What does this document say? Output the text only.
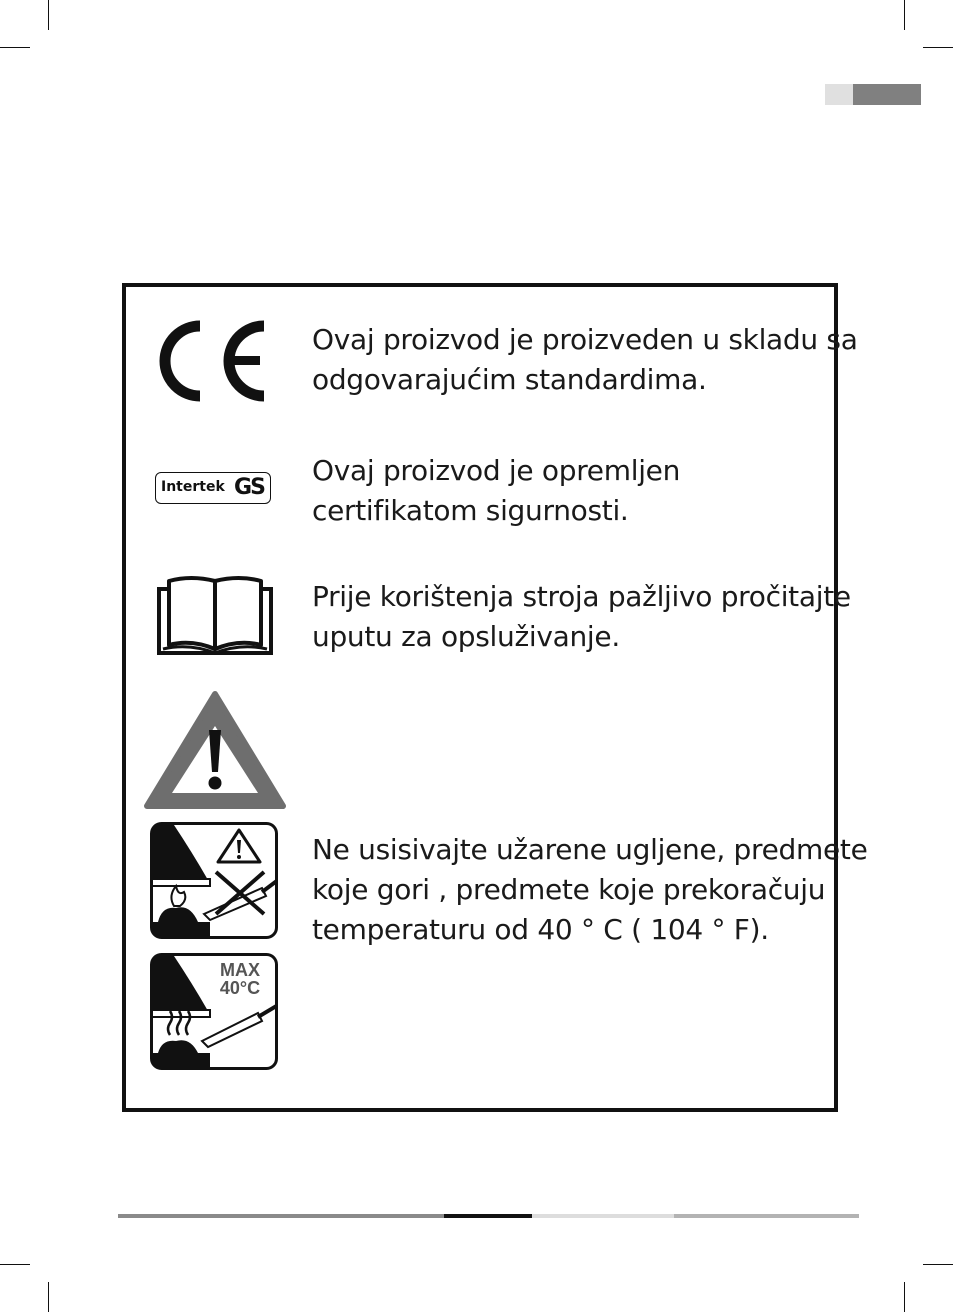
Ovaj proizvod je proizveden u skladu sa
odgovarajućim standardima.
Intertek GS
Ovaj proizvod je opremljen
certifikatom sigurnosti.
Prije korištenja stroja pažljivo pročitajte
uputu za opsluživanje.
Ne usisivajte užarene ugljene, predmete
koje gori , predmete koje prekoračuju
temperaturu od 40 ° C ( 104 ° F).
MAX
40°C
